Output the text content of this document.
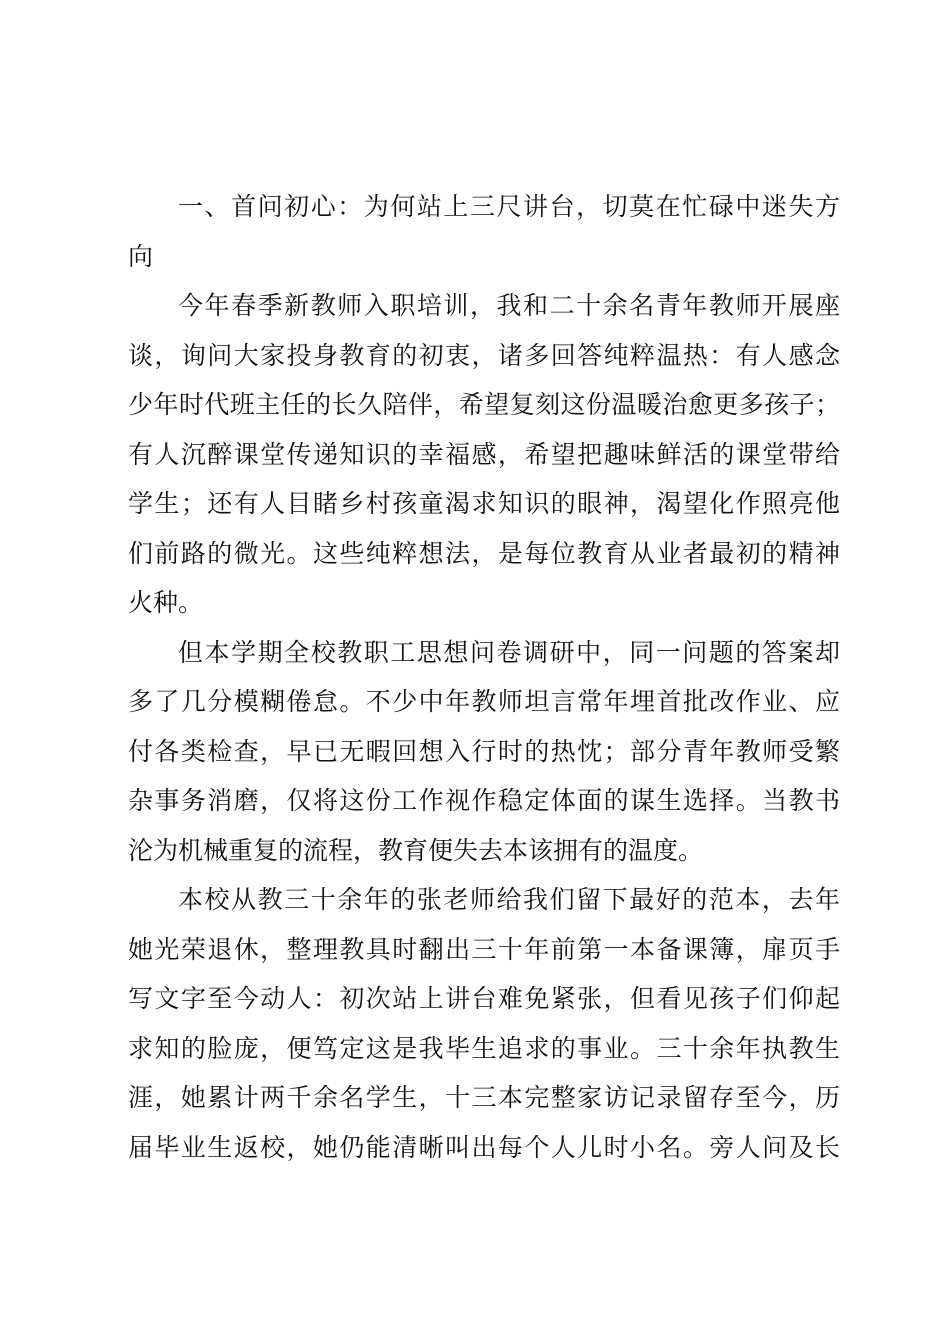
一、首问初心：为何站上三尺讲台，切莫在忙碌中迷失方
向
今年春季新教师入职培训，我和二十余名青年教师开展座
谈，询问大家投身教育的初衷，诸多回答纯粹温热：有人感念
少年时代班主任的长久陪伴，希望复刻这份温暖治愈更多孩子；
有人沉醉课堂传递知识的幸福感，希望把趣味鲜活的课堂带给
学生；还有人目睹乡村孩童渴求知识的眼神，渴望化作照亮他
们前路的微光。这些纯粹想法，是每位教育从业者最初的精神
火种。
但本学期全校教职工思想问卷调研中，同一问题的答案却
多了几分模糊倦怠。不少中年教师坦言常年埋首批改作业、应
付各类检查，早已无暇回想入行时的热忱；部分青年教师受繁
杂事务消磨，仅将这份工作视作稳定体面的谋生选择。当教书
沦为机械重复的流程，教育便失去本该拥有的温度。
本校从教三十余年的张老师给我们留下最好的范本，去年
她光荣退休，整理教具时翻出三十年前第一本备课簿，扉页手
写文字至今动人：初次站上讲台难免紧张，但看见孩子们仰起
求知的脸庞，便笃定这是我毕生追求的事业。三十余年执教生
涯，她累计两千余名学生，十三本完整家访记录留存至今，历
届毕业生返校，她仍能清晰叫出每个人儿时小名。旁人问及长
